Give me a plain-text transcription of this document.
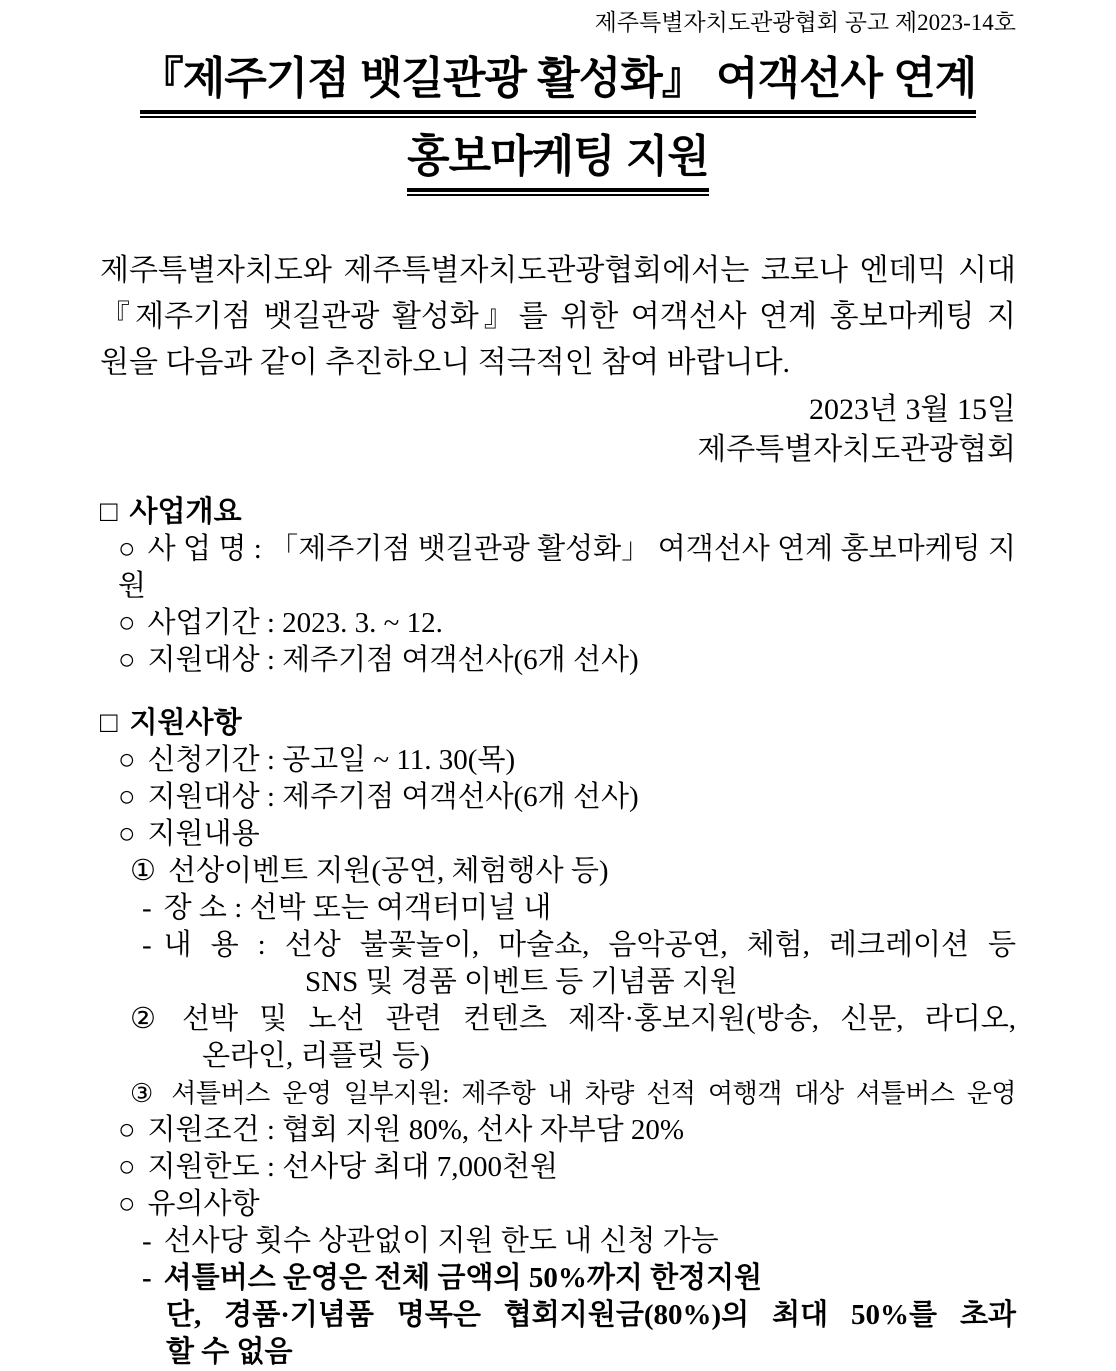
제주특별자치도관광협회 공고 제2023-14호
『제주기점 뱃길관광 활성화』 여객선사 연계
홍보마케팅 지원
제주특별자치도와 제주특별자치도관광협회에서는 코로나 엔데믹 시대
『제주기점 뱃길관광 활성화』를 위한 여객선사 연계 홍보마케팅 지
원을 다음과 같이 추진하오니 적극적인 참여 바랍니다.
2023년 3월 15일
제주특별자치도관광협회
□ 사업개요
○ 사 업 명 : 「제주기점 뱃길관광 활성화」 여객선사 연계 홍보마케팅 지원
○ 사업기간 : 2023. 3. ~ 12.
○ 지원대상 : 제주기점 여객선사(6개 선사)
□ 지원사항
○ 신청기간 : 공고일 ~ 11. 30(목)
○ 지원대상 : 제주기점 여객선사(6개 선사)
○ 지원내용
① 선상이벤트 지원(공연, 체험행사 등)
- 장 소 : 선박 또는 여객터미널 내
- 내 용 : 선상 불꽃놀이, 마술쇼, 음악공연, 체험, 레크레이션 등
SNS 및 경품 이벤트 등 기념품 지원
② 선박 및 노선 관련 컨텐츠 제작·홍보지원(방송, 신문, 라디오,
온라인, 리플릿 등)
③ 셔틀버스 운영 일부지원: 제주항 내 차량 선적 여행객 대상 셔틀버스 운영
○ 지원조건 : 협회 지원 80%, 선사 자부담 20%
○ 지원한도 : 선사당 최대 7,000천원
○ 유의사항
- 선사당 횟수 상관없이 지원 한도 내 신청 가능
- 셔틀버스 운영은 전체 금액의 50%까지 한정지원
단, 경품·기념품 명목은 협회지원금(80%)의 최대 50%를 초과
할 수 없음
